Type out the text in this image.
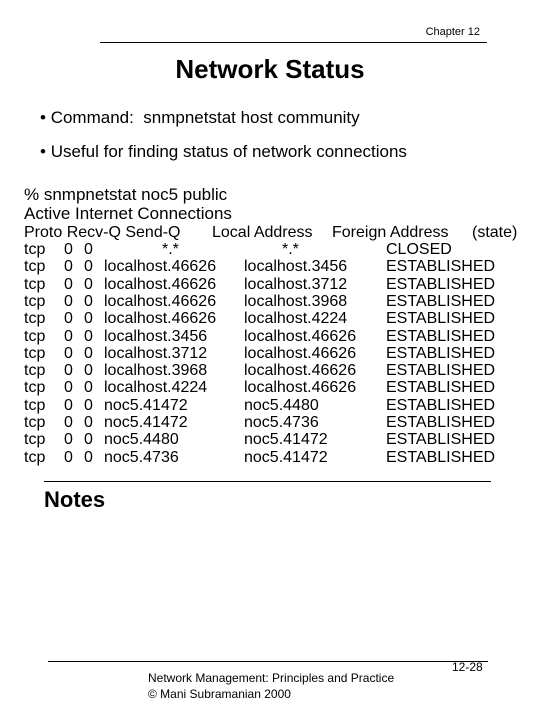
Chapter 12
Network Status
• Command:  snmpnetstat host community
• Useful for finding status of network connections
% snmpnetstat noc5 public
Active Internet Connections
Proto Recv-Q Send-Q Local Address Foreign Address (state)
tcp 0 0	*.*	*.*	CLOSED
tcp 0 0 localhost.46626 localhost.3456 ESTABLISHED
tcp 0 0 localhost.46626 localhost.3712 ESTABLISHED
tcp 0 0 localhost.46626 localhost.3968 ESTABLISHED
tcp 0 0 localhost.46626 localhost.4224 ESTABLISHED
tcp 0 0 localhost.3456 localhost.46626 ESTABLISHED
tcp 0 0 localhost.3712 localhost.46626 ESTABLISHED
tcp 0 0 localhost.3968 localhost.46626 ESTABLISHED
tcp 0 0 localhost.4224 localhost.46626 ESTABLISHED
tcp 0 0 noc5.41472	noc5.4480	ESTABLISHED
tcp 0 0 noc5.41472	noc5.4736	ESTABLISHED
tcp 0 0 noc5.4480	noc5.41472	ESTABLISHED
tcp 0 0 noc5.4736	noc5.41472	ESTABLISHED
Notes
Network Management: Principles and Practice
© Mani Subramanian 2000
12-28
